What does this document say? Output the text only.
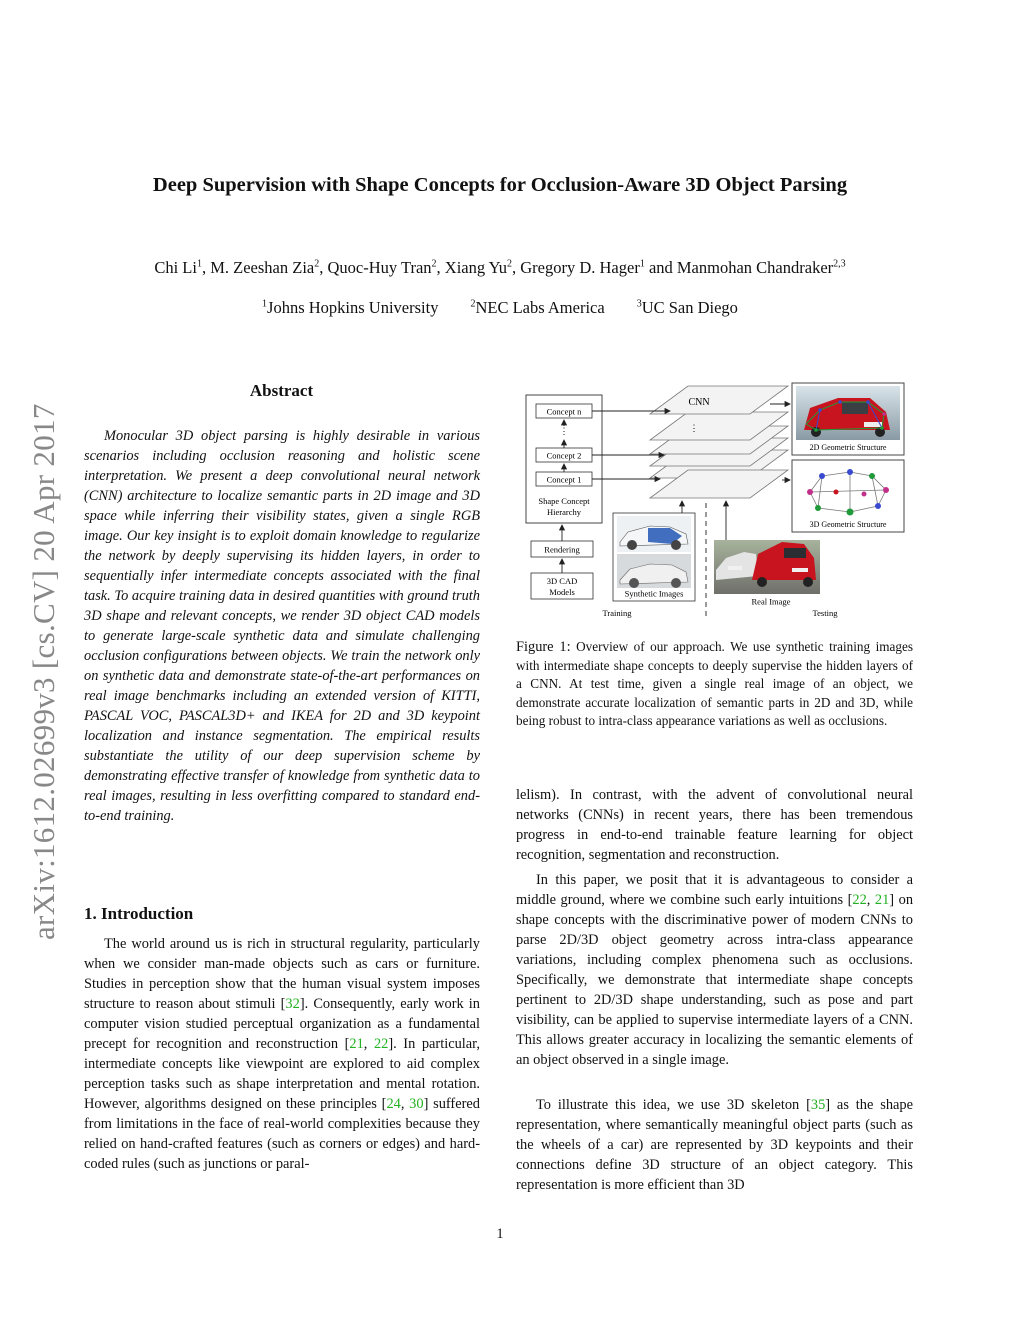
Deep Supervision with Shape Concepts for Occlusion-Aware 3D Object Parsing
Chi Li$^1$, M. Zeeshan Zia$^2$, Quoc-Huy Tran$^2$, Xiang Yu$^2$, Gregory D. Hager$^1$ and Manmohan Chandraker$^{2,3}$
$^1$Johns Hopkins University	$^2$NEC Labs America	$^3$UC San Diego
arXiv:1612.02699v3 [cs.CV] 20 Apr 2017
Abstract
Monocular 3D object parsing is highly desirable in various scenarios including occlusion reasoning and holistic scene interpretation. We present a deep convolutional neural network (CNN) architecture to localize semantic parts in 2D image and 3D space while inferring their visibility states, given a single RGB image. Our key insight is to exploit domain knowledge to regularize the network by deeply supervising its hidden layers, in order to sequentially infer intermediate concepts associated with the final task. To acquire training data in desired quantities with ground truth 3D shape and relevant concepts, we render 3D object CAD models to generate large-scale synthetic data and simulate challenging occlusion configurations between objects. We train the network only on synthetic data and demonstrate state-of-the-art performances on real image benchmarks including an extended version of KITTI, PASCAL VOC, PASCAL3D+ and IKEA for 2D and 3D keypoint localization and instance segmentation. The empirical results substantiate the utility of our deep supervision scheme by demonstrating effective transfer of knowledge from synthetic data to real images, resulting in less overfitting compared to standard end-to-end training.
1. Introduction
The world around us is rich in structural regularity, particularly when we consider man-made objects such as cars or furniture. Studies in perception show that the human visual system imposes structure to reason about stimuli [32]. Consequently, early work in computer vision studied perceptual organization as a fundamental precept for recognition and reconstruction [21, 22]. In particular, intermediate concepts like viewpoint are explored to aid complex perception tasks such as shape interpretation and mental rotation. However, algorithms designed on these principles [24, 30] suffered from limitations in the face of real-world complexities because they relied on hand-crafted features (such as corners or edges) and hard-coded rules (such as junctions or paral-
Concept n
⋮
Concept 2
Concept 1
Shape Concept
Hierarchy
Rendering
3D CAD
Models	Synthetic Images
Training	Testing
CNN
⋮
2D Geometric Structure
3D Geometric Structure
Real Image
Figure 1: Overview of our approach. We use synthetic training images with intermediate shape concepts to deeply supervise the hidden layers of a CNN. At test time, given a single real image of an object, we demonstrate accurate localization of semantic parts in 2D and 3D, while being robust to intra-class appearance variations as well as occlusions.
lelism). In contrast, with the advent of convolutional neural networks (CNNs) in recent years, there has been tremendous progress in end-to-end trainable feature learning for object recognition, segmentation and reconstruction.
In this paper, we posit that it is advantageous to consider a middle ground, where we combine such early intuitions [22, 21] on shape concepts with the discriminative power of modern CNNs to parse 2D/3D object geometry across intra-class appearance variations, including complex phenomena such as occlusions. Specifically, we demonstrate that intermediate shape concepts pertinent to 2D/3D shape understanding, such as pose and part visibility, can be applied to supervise intermediate layers of a CNN. This allows greater accuracy in localizing the semantic elements of an object observed in a single image.
To illustrate this idea, we use 3D skeleton [35] as the shape representation, where semantically meaningful object parts (such as the wheels of a car) are represented by 3D keypoints and their connections define 3D structure of an object category. This representation is more efficient than 3D
1
